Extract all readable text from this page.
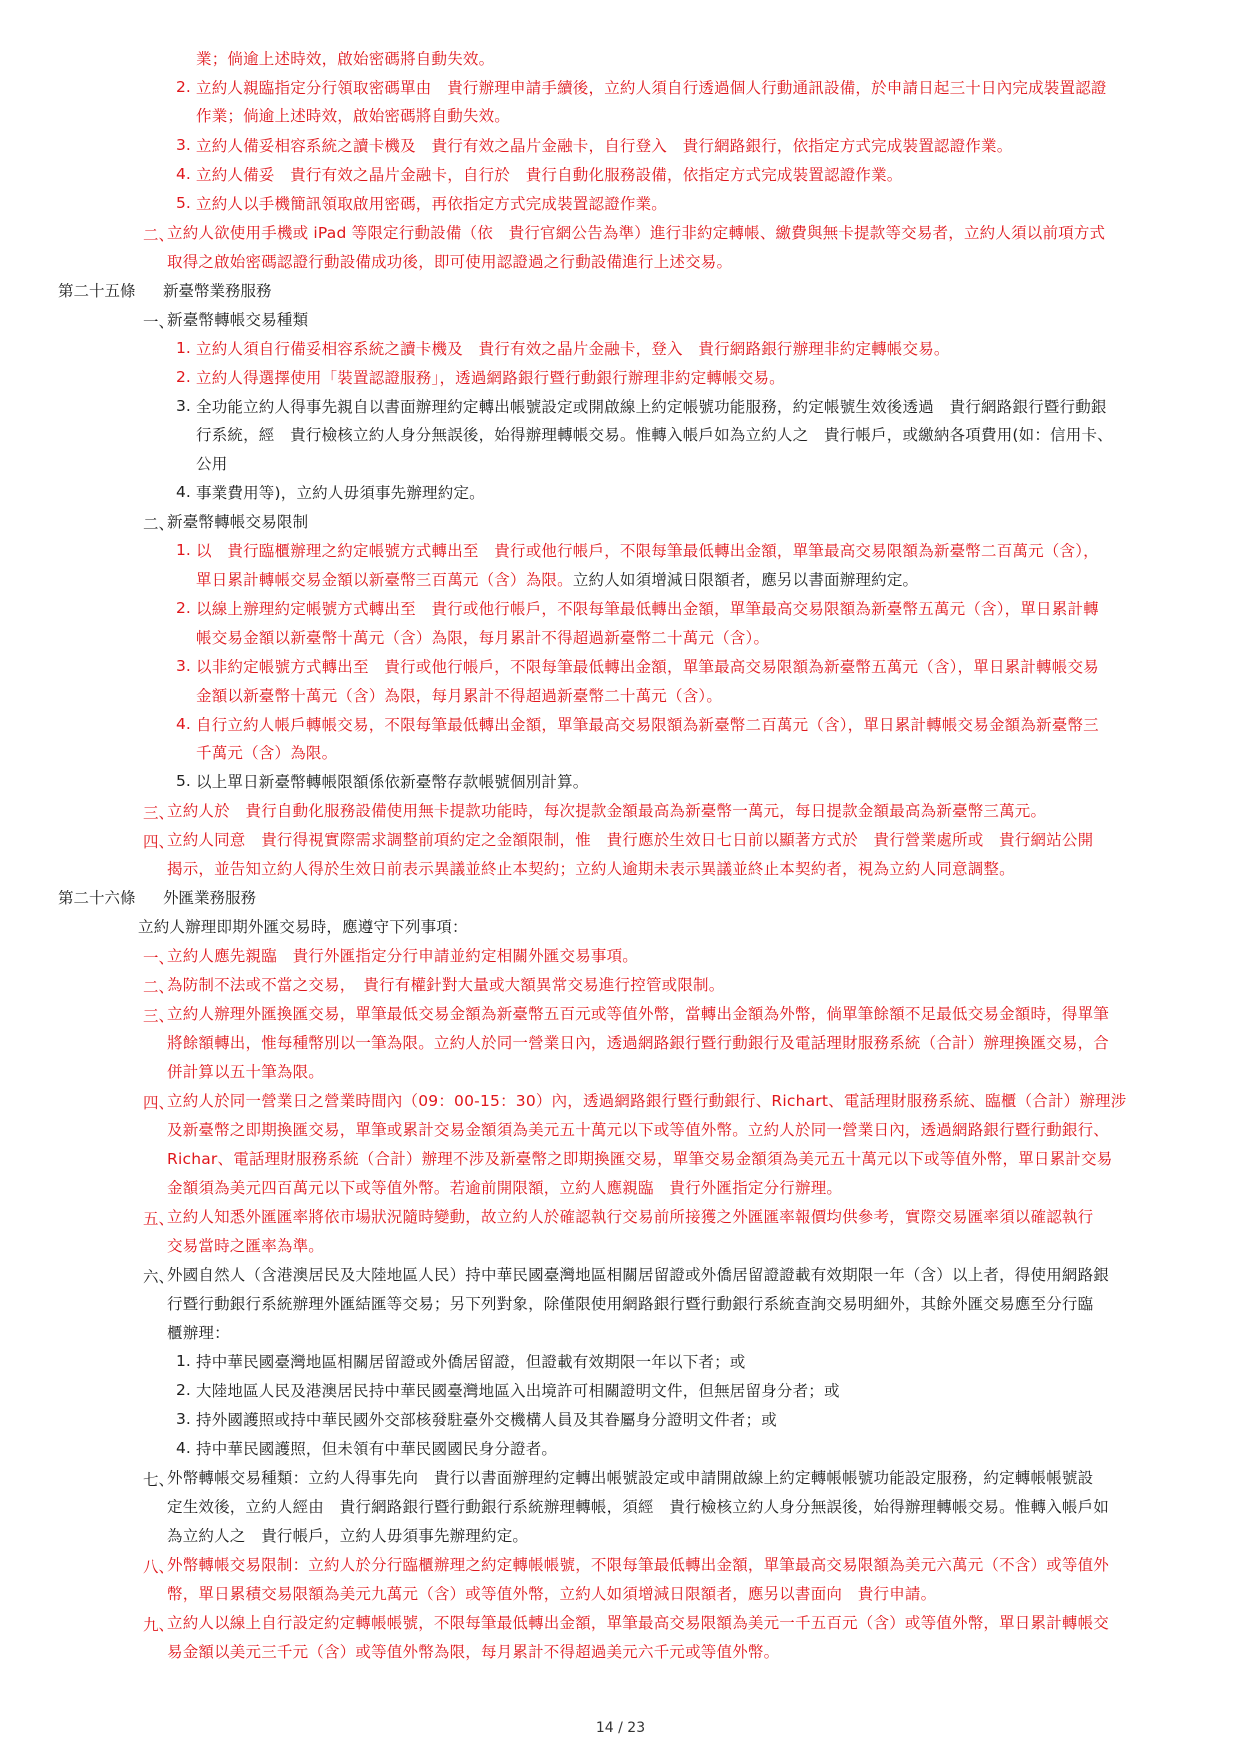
業；倘逾上述時效，啟始密碼將自動失效。
2. 立約人親臨指定分行領取密碼單由　貴行辦理申請手續後，立約人須自行透過個人行動通訊設備，於申請日起三十日內完成裝置認證
作業；倘逾上述時效，啟始密碼將自動失效。
3. 立約人備妥相容系統之讀卡機及　貴行有效之晶片金融卡，自行登入　貴行網路銀行，依指定方式完成裝置認證作業。
4. 立約人備妥　貴行有效之晶片金融卡，自行於　貴行自動化服務設備，依指定方式完成裝置認證作業。
5. 立約人以手機簡訊領取啟用密碼，再依指定方式完成裝置認證作業。
二、
立約人欲使用手機或 iPad 等限定行動設備（依　貴行官網公告為準）進行非約定轉帳、繳費與無卡提款等交易者，立約人須以前項方式
取得之啟始密碼認證行動設備成功後，即可使用認證過之行動設備進行上述交易。
第二十五條 新臺幣業務服務
一、
新臺幣轉帳交易種類
1. 立約人須自行備妥相容系統之讀卡機及　貴行有效之晶片金融卡，登入　貴行網路銀行辦理非約定轉帳交易。
2. 立約人得選擇使用「裝置認證服務」，透過網路銀行暨行動銀行辦理非約定轉帳交易。
3. 全功能立約人得事先親自以書面辦理約定轉出帳號設定或開啟線上約定帳號功能服務，約定帳號生效後透過　貴行網路銀行暨行動銀
行系統，經　貴行檢核立約人身分無誤後，始得辦理轉帳交易。惟轉入帳戶如為立約人之　貴行帳戶，或繳納各項費用(如：信用卡、
公用
4. 事業費用等)，立約人毋須事先辦理約定。
二、
新臺幣轉帳交易限制
1. 以　貴行臨櫃辦理之約定帳號方式轉出至　貴行或他行帳戶，不限每筆最低轉出金額，單筆最高交易限額為新臺幣二百萬元（含），
單日累計轉帳交易金額以新臺幣三百萬元（含）為限。立約人如須增減日限額者，應另以書面辦理約定。
2. 以線上辦理約定帳號方式轉出至　貴行或他行帳戶，不限每筆最低轉出金額，單筆最高交易限額為新臺幣五萬元（含），單日累計轉
帳交易金額以新臺幣十萬元（含）為限，每月累計不得超過新臺幣二十萬元（含）。
3. 以非約定帳號方式轉出至　貴行或他行帳戶，不限每筆最低轉出金額，單筆最高交易限額為新臺幣五萬元（含），單日累計轉帳交易
金額以新臺幣十萬元（含）為限，每月累計不得超過新臺幣二十萬元（含）。
4. 自行立約人帳戶轉帳交易，不限每筆最低轉出金額，單筆最高交易限額為新臺幣二百萬元（含），單日累計轉帳交易金額為新臺幣三
千萬元（含）為限。
5. 以上單日新臺幣轉帳限額係依新臺幣存款帳號個別計算。
三、
立約人於　貴行自動化服務設備使用無卡提款功能時，每次提款金額最高為新臺幣一萬元，每日提款金額最高為新臺幣三萬元。
四、
立約人同意　貴行得視實際需求調整前項約定之金額限制，惟　貴行應於生效日七日前以顯著方式於　貴行營業處所或　貴行網站公開
揭示，並告知立約人得於生效日前表示異議並終止本契約；立約人逾期未表示異議並終止本契約者，視為立約人同意調整。
第二十六條 外匯業務服務
立約人辦理即期外匯交易時，應遵守下列事項：
一、
立約人應先親臨　貴行外匯指定分行申請並約定相關外匯交易事項。
二、
為防制不法或不當之交易，　貴行有權針對大量或大額異常交易進行控管或限制。
三、
立約人辦理外匯換匯交易，單筆最低交易金額為新臺幣五百元或等值外幣，當轉出金額為外幣，倘單筆餘額不足最低交易金額時，得單筆
將餘額轉出，惟每種幣別以一筆為限。立約人於同一營業日內，透過網路銀行暨行動銀行及電話理財服務系統（合計）辦理換匯交易，合
併計算以五十筆為限。
四、
立約人於同一營業日之營業時間內（09：00-15：30）內，透過網路銀行暨行動銀行、Richart、電話理財服務系統、臨櫃（合計）辦理涉
及新臺幣之即期換匯交易，單筆或累計交易金額須為美元五十萬元以下或等值外幣。立約人於同一營業日內，透過網路銀行暨行動銀行、
Richar、電話理財服務系統（合計）辦理不涉及新臺幣之即期換匯交易，單筆交易金額須為美元五十萬元以下或等值外幣，單日累計交易
金額須為美元四百萬元以下或等值外幣。若逾前開限額，立約人應親臨　貴行外匯指定分行辦理。
五、
立約人知悉外匯匯率將依市場狀況隨時變動，故立約人於確認執行交易前所接獲之外匯匯率報價均供參考，實際交易匯率須以確認執行
交易當時之匯率為準。
六、
外國自然人（含港澳居民及大陸地區人民）持中華民國臺灣地區相關居留證或外僑居留證證載有效期限一年（含）以上者，得使用網路銀
行暨行動銀行系統辦理外匯結匯等交易；另下列對象，除僅限使用網路銀行暨行動銀行系統查詢交易明細外，其餘外匯交易應至分行臨
櫃辦理：
1. 持中華民國臺灣地區相關居留證或外僑居留證，但證載有效期限一年以下者；或
2. 大陸地區人民及港澳居民持中華民國臺灣地區入出境許可相關證明文件，但無居留身分者；或
3. 持外國護照或持中華民國外交部核發駐臺外交機構人員及其眷屬身分證明文件者；或
4. 持中華民國護照，但未領有中華民國國民身分證者。
七、
外幣轉帳交易種類：立約人得事先向　貴行以書面辦理約定轉出帳號設定或申請開啟線上約定轉帳帳號功能設定服務，約定轉帳帳號設
定生效後，立約人經由　貴行網路銀行暨行動銀行系統辦理轉帳，須經　貴行檢核立約人身分無誤後，始得辦理轉帳交易。惟轉入帳戶如
為立約人之　貴行帳戶，立約人毋須事先辦理約定。
八、
外幣轉帳交易限制：立約人於分行臨櫃辦理之約定轉帳帳號，不限每筆最低轉出金額，單筆最高交易限額為美元六萬元（不含）或等值外
幣，單日累積交易限額為美元九萬元（含）或等值外幣，立約人如須增減日限額者，應另以書面向　貴行申請。
九、
立約人以線上自行設定約定轉帳帳號，不限每筆最低轉出金額，單筆最高交易限額為美元一千五百元（含）或等值外幣，單日累計轉帳交
易金額以美元三千元（含）或等值外幣為限，每月累計不得超過美元六千元或等值外幣。
14 / 23
